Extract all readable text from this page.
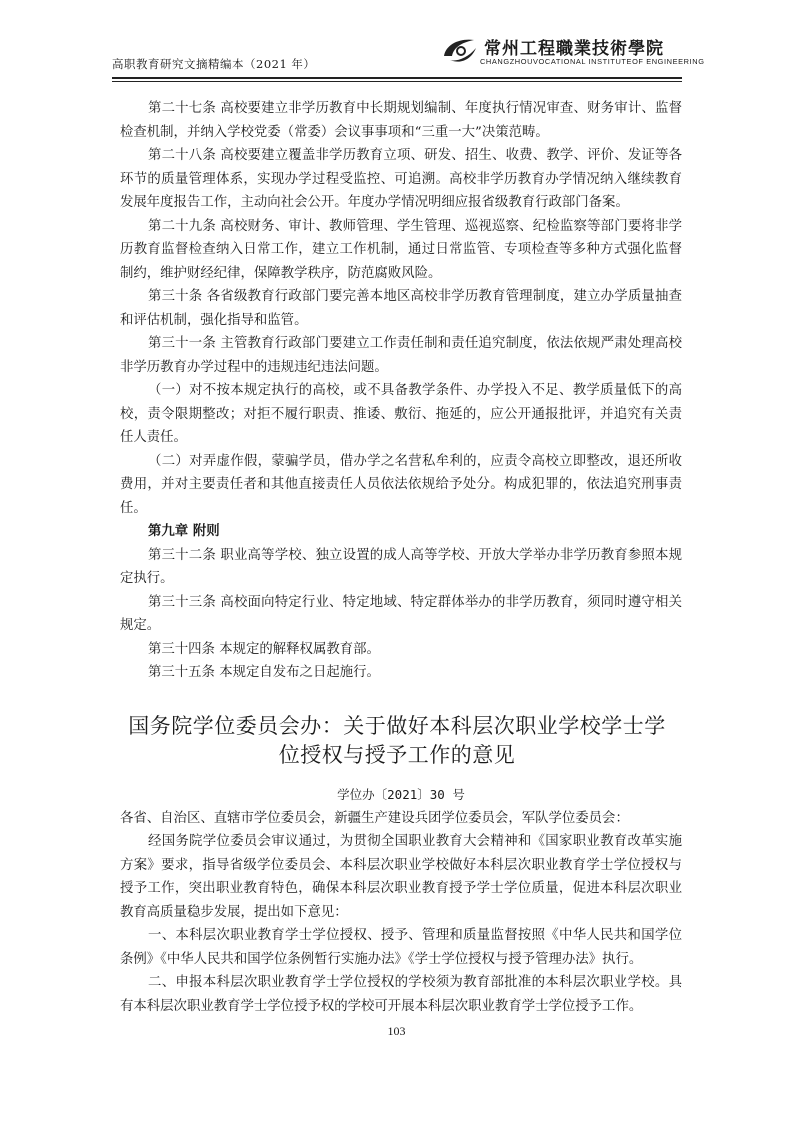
高职教育研究文摘精编本（2021 年）
常州工程職業技術學院
CHANGZHOUVOCATIONAL INSTITUTEOF ENGINEERING

第二十七条 高校要建立非学历教育中长期规划编制、年度执行情况审查、财务审计、监督检查机制，并纳入学校党委（常委）会议事事项和“三重一大”决策范畴。

第二十八条 高校要建立覆盖非学历教育立项、研发、招生、收费、教学、评价、发证等各环节的质量管理体系，实现办学过程受监控、可追溯。高校非学历教育办学情况纳入继续教育发展年度报告工作，主动向社会公开。年度办学情况明细应报省级教育行政部门备案。

第二十九条 高校财务、审计、教师管理、学生管理、巡视巡察、纪检监察等部门要将非学历教育监督检查纳入日常工作，建立工作机制，通过日常监管、专项检查等多种方式强化监督制约，维护财经纪律，保障教学秩序，防范腐败风险。

第三十条 各省级教育行政部门要完善本地区高校非学历教育管理制度，建立办学质量抽查和评估机制，强化指导和监管。

第三十一条 主管教育行政部门要建立工作责任制和责任追究制度，依法依规严肃处理高校非学历教育办学过程中的违规违纪违法问题。

（一）对不按本规定执行的高校，或不具备教学条件、办学投入不足、教学质量低下的高校，责令限期整改；对拒不履行职责、推诿、敷衍、拖延的，应公开通报批评，并追究有关责任人责任。

（二）对弄虚作假，蒙骗学员，借办学之名营私牟利的，应责令高校立即整改，退还所收费用，并对主要责任者和其他直接责任人员依法依规给予处分。构成犯罪的，依法追究刑事责任。

第九章 附则

第三十二条 职业高等学校、独立设置的成人高等学校、开放大学举办非学历教育参照本规定执行。

第三十三条 高校面向特定行业、特定地域、特定群体举办的非学历教育，须同时遵守相关规定。

第三十四条 本规定的解释权属教育部。

第三十五条 本规定自发布之日起施行。

国务院学位委员会办：关于做好本科层次职业学校学士学
位授权与授予工作的意见

学位办〔2021〕30 号

各省、自治区、直辖市学位委员会，新疆生产建设兵团学位委员会，军队学位委员会：

经国务院学位委员会审议通过，为贯彻全国职业教育大会精神和《国家职业教育改革实施方案》要求，指导省级学位委员会、本科层次职业学校做好本科层次职业教育学士学位授权与授予工作，突出职业教育特色，确保本科层次职业教育授予学士学位质量，促进本科层次职业教育高质量稳步发展，提出如下意见：

一、本科层次职业教育学士学位授权、授予、管理和质量监督按照《中华人民共和国学位条例》《中华人民共和国学位条例暂行实施办法》《学士学位授权与授予管理办法》执行。

二、申报本科层次职业教育学士学位授权的学校须为教育部批准的本科层次职业学校。具有本科层次职业教育学士学位授予权的学校可开展本科层次职业教育学士学位授予工作。

103
